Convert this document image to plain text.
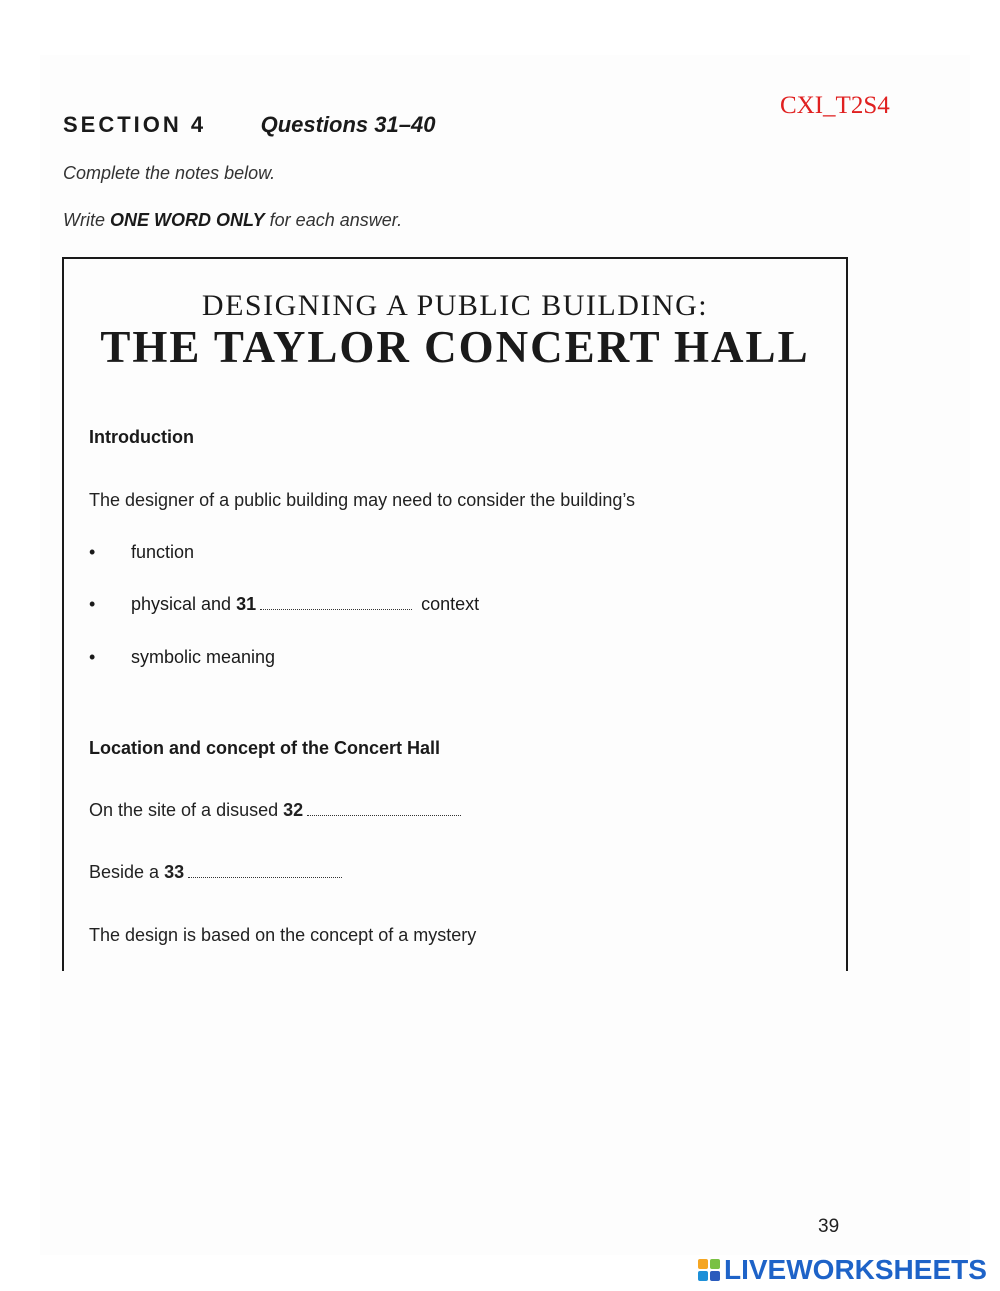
CXI_T2S4
SECTION 4 Questions 31–40
Complete the notes below.
Write ONE WORD ONLY for each answer.
DESIGNING A PUBLIC BUILDING:
THE TAYLOR CONCERT HALL
Introduction
The designer of a public building may need to consider the building’s
• function
• physical and 31	context
• symbolic meaning
Location and concept of the Concert Hall
On the site of a disused 32
Beside a 33
The design is based on the concept of a mystery
39
LIVEWORKSHEETS
